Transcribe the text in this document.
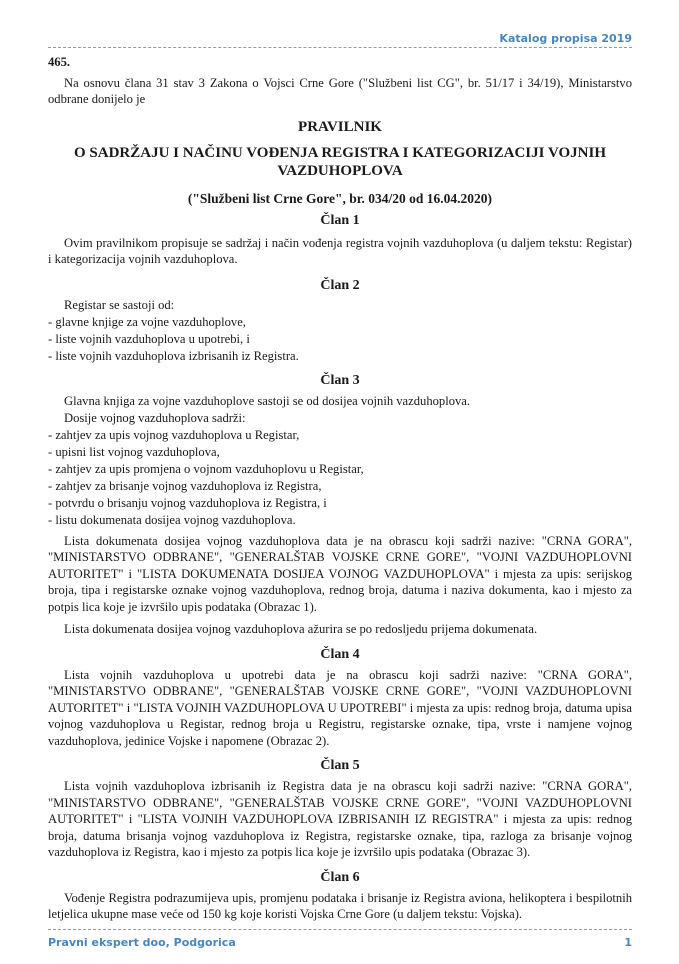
Katalog propisa 2019
465.
Na osnovu člana 31 stav 3 Zakona o Vojsci Crne Gore ("Službeni list CG", br. 51/17 i 34/19), Ministarstvo odbrane donijelo je
PRAVILNIK
O SADRŽAJU I NAČINU VOĐENJA REGISTRA I KATEGORIZACIJI VOJNIH VAZDUHOPLOVA
("Službeni list Crne Gore", br. 034/20 od 16.04.2020)
Član 1
Ovim pravilnikom propisuje se sadržaj i način vođenja registra vojnih vazduhoplova (u daljem tekstu: Registar) i kategorizacija vojnih vazduhoplova.
Član 2
Registar se sastoji od:
- glavne knjige za vojne vazduhoplove,
- liste vojnih vazduhoplova u upotrebi, i
- liste vojnih vazduhoplova izbrisanih iz Registra.
Član 3
Glavna knjiga za vojne vazduhoplove sastoji se od dosijea vojnih vazduhoplova.
Dosije vojnog vazduhoplova sadrži:
- zahtjev za upis vojnog vazduhoplova u Registar,
- upisni list vojnog vazduhoplova,
- zahtjev za upis promjena o vojnom vazduhoplovu u Registar,
- zahtjev za brisanje vojnog vazduhoplova iz Registra,
- potvrdu o brisanju vojnog vazduhoplova iz Registra, i
- listu dokumenata dosijea vojnog vazduhoplova.
Lista dokumenata dosijea vojnog vazduhoplova data je na obrascu koji sadrži nazive: "CRNA GORA", "MINISTARSTVO ODBRANE", "GENERALŠTAB VOJSKE CRNE GORE", "VOJNI VAZDUHOPLOVNI AUTORITET" i "LISTA DOKUMENATA DOSIJEA VOJNOG VAZDUHOPLOVA" i mjesta za upis: serijskog broja, tipa i registarske oznake vojnog vazduhoplova, rednog broja, datuma i naziva dokumenta, kao i mjesto za potpis lica koje je izvršilo upis podataka (Obrazac 1).
Lista dokumenata dosijea vojnog vazduhoplova ažurira se po redosljedu prijema dokumenata.
Član 4
Lista vojnih vazduhoplova u upotrebi data je na obrascu koji sadrži nazive: "CRNA GORA", "MINISTARSTVO ODBRANE", "GENERALŠTAB VOJSKE CRNE GORE", "VOJNI VAZDUHOPLOVNI AUTORITET" i "LISTA VOJNIH VAZDUHOPLOVA U UPOTREBI" i mjesta za upis: rednog broja, datuma upisa vojnog vazduhoplova u Registar, rednog broja u Registru, registarske oznake, tipa, vrste i namjene vojnog vazduhoplova, jedinice Vojske i napomene (Obrazac 2).
Član 5
Lista vojnih vazduhoplova izbrisanih iz Registra data je na obrascu koji sadrži nazive: "CRNA GORA", "MINISTARSTVO ODBRANE", "GENERALŠTAB VOJSKE CRNE GORE", "VOJNI VAZDUHOPLOVNI AUTORITET" i "LISTA VOJNIH VAZDUHOPLOVA IZBRISANIH IZ REGISTRA" i mjesta za upis: rednog broja, datuma brisanja vojnog vazduhoplova iz Registra, registarske oznake, tipa, razloga za brisanje vojnog vazduhoplova iz Registra, kao i mjesto za potpis lica koje je izvršilo upis podataka (Obrazac 3).
Član 6
Vođenje Registra podrazumijeva upis, promjenu podataka i brisanje iz Registra aviona, helikoptera i bespilotnih letjelica ukupne mase veće od 150 kg koje koristi Vojska Crne Gore (u daljem tekstu: Vojska).
Pravni ekspert doo, Podgorica	1
